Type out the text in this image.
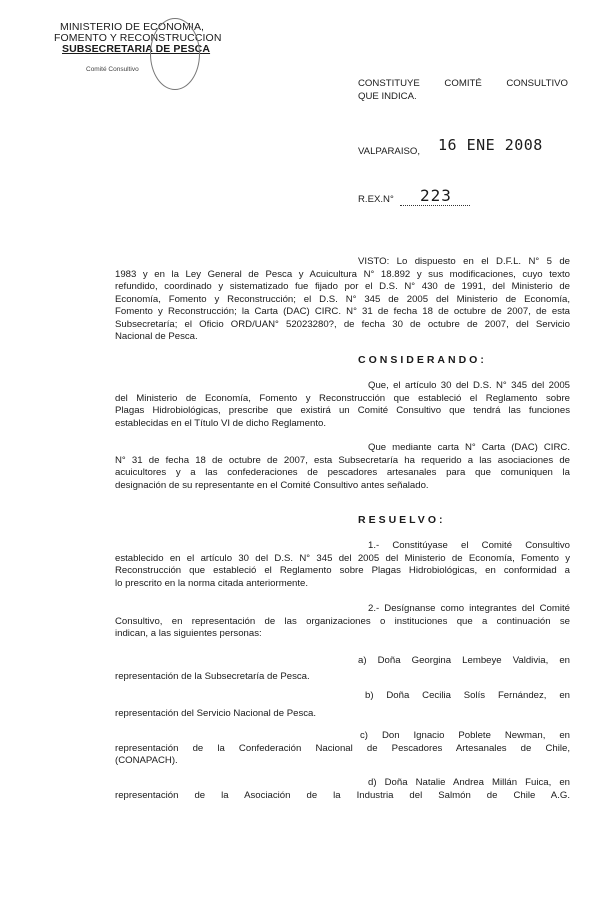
MINISTERIO DE ECONOMIA,
FOMENTO Y RECONSTRUCCION
SUBSECRETARIA DE PESCA
Comité Consultivo
CONSTITUYE COMITÉ CONSULTIVO
QUE INDICA.
VALPARAISO, 16 ENE 2008
R.EX.N° 223
VISTO: Lo dispuesto en el D.F.L. N° 5 de
1983 y en la Ley General de Pesca y Acuicultura N° 18.892 y sus modificaciones, cuyo texto
refundido, coordinado y sistematizado fue fijado por el D.S. N° 430 de 1991, del Ministerio de
Economía, Fomento y Reconstrucción; el D.S. N° 345 de 2005 del Ministerio de Economía,
Fomento y Reconstrucción; la Carta (DAC) CIRC. N° 31 de fecha 18 de octubre de 2007, de esta
Subsecretaría; el Oficio ORD/UAN° 52023280?, de fecha 30 de octubre de 2007, del Servicio
Nacional de Pesca.
CONSIDERANDO:
Que, el artículo 30 del D.S. N° 345 del 2005
del Ministerio de Economía, Fomento y Reconstrucción que estableció el Reglamento sobre
Plagas Hidrobiológicas, prescribe que existirá un Comité Consultivo que tendrá las funciones
establecidas en el Título VI de dicho Reglamento.
Que mediante carta N° Carta (DAC) CIRC.
N° 31 de fecha 18 de octubre de 2007, esta Subsecretaría ha requerido a las asociaciones de
acuicultores y a las confederaciones de pescadores artesanales para que comuniquen la
designación de su representante en el Comité Consultivo antes señalado.
RESUELVO:
1.- Constitúyase el Comité Consultivo
establecido en el artículo 30 del D.S. N° 345 del 2005 del Ministerio de Economía, Fomento y
Reconstrucción que estableció el Reglamento sobre Plagas Hidrobiológicas, en conformidad a
lo prescrito en la norma citada anteriormente.
2.- Desígnanse como integrantes del Comité
Consultivo, en representación de las organizaciones o instituciones que a continuación se
indican, a las siguientes personas:
a) Doña Georgina Lembeye Valdivia, en
representación de la Subsecretaría de Pesca.
b) Doña Cecilia Solís Fernández, en
representación del Servicio Nacional de Pesca.
c) Don Ignacio Poblete Newman, en
representación de la Confederación Nacional de Pescadores Artesanales de Chile,
(CONAPACH).
d) Doña Natalie Andrea Millán Fuica, en
representación de la Asociación de la Industria del Salmón de Chile A.G.
